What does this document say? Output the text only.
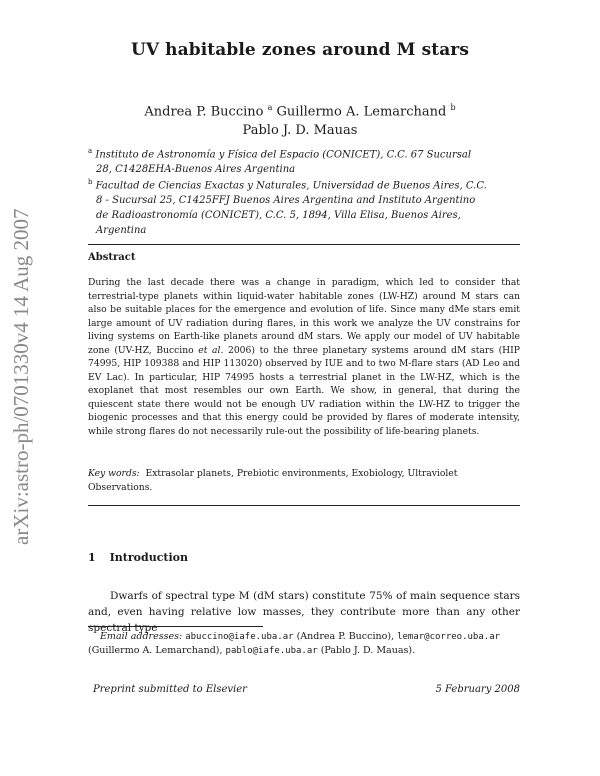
arXiv:astro-ph/0701330v4 14 Aug 2007
UV habitable zones around M stars
Andrea P. Buccino $^a$ Guillermo A. Lemarchand $^b$
Pablo J. D. Mauas
$^a$ Instituto de Astronomía y Física del Espacio (CONICET), C.C. 67 Sucursal 28, C1428EHA-Buenos Aires Argentina
$^b$ Facultad de Ciencias Exactas y Naturales, Universidad de Buenos Aires, C.C. 8 - Sucursal 25, C1425FFJ Buenos Aires Argentina and Instituto Argentino de Radioastronomía (CONICET), C.C. 5, 1894, Villa Elisa, Buenos Aires, Argentina
Abstract
During the last decade there was a change in paradigm, which led to consider that terrestrial-type planets within liquid-water habitable zones (LW-HZ) around M stars can also be suitable places for the emergence and evolution of life. Since many dMe stars emit large amount of UV radiation during flares, in this work we analyze the UV constrains for living systems on Earth-like planets around dM stars. We apply our model of UV habitable zone (UV-HZ, Buccino et al. 2006) to the three planetary systems around dM stars (HIP 74995, HIP 109388 and HIP 113020) observed by IUE and to two M-flare stars (AD Leo and EV Lac). In particular, HIP 74995 hosts a terrestrial planet in the LW-HZ, which is the exoplanet that most resembles our own Earth. We show, in general, that during the quiescent state there would not be enough UV radiation within the LW-HZ to trigger the biogenic processes and that this energy could be provided by flares of moderate intensity, while strong flares do not necessarily rule-out the possibility of life-bearing planets.
Key words: Extrasolar planets, Prebiotic environments, Exobiology, Ultraviolet Observations.
1 Introduction
Dwarfs of spectral type M (dM stars) constitute 75% of main sequence stars and, even having relative low masses, they contribute more than any other spectral type
Email addresses: abuccino@iafe.uba.ar (Andrea P. Buccino), lemar@correo.uba.ar (Guillermo A. Lemarchand), pablo@iafe.uba.ar (Pablo J. D. Mauas).
Preprint submitted to Elsevier	5 February 2008
